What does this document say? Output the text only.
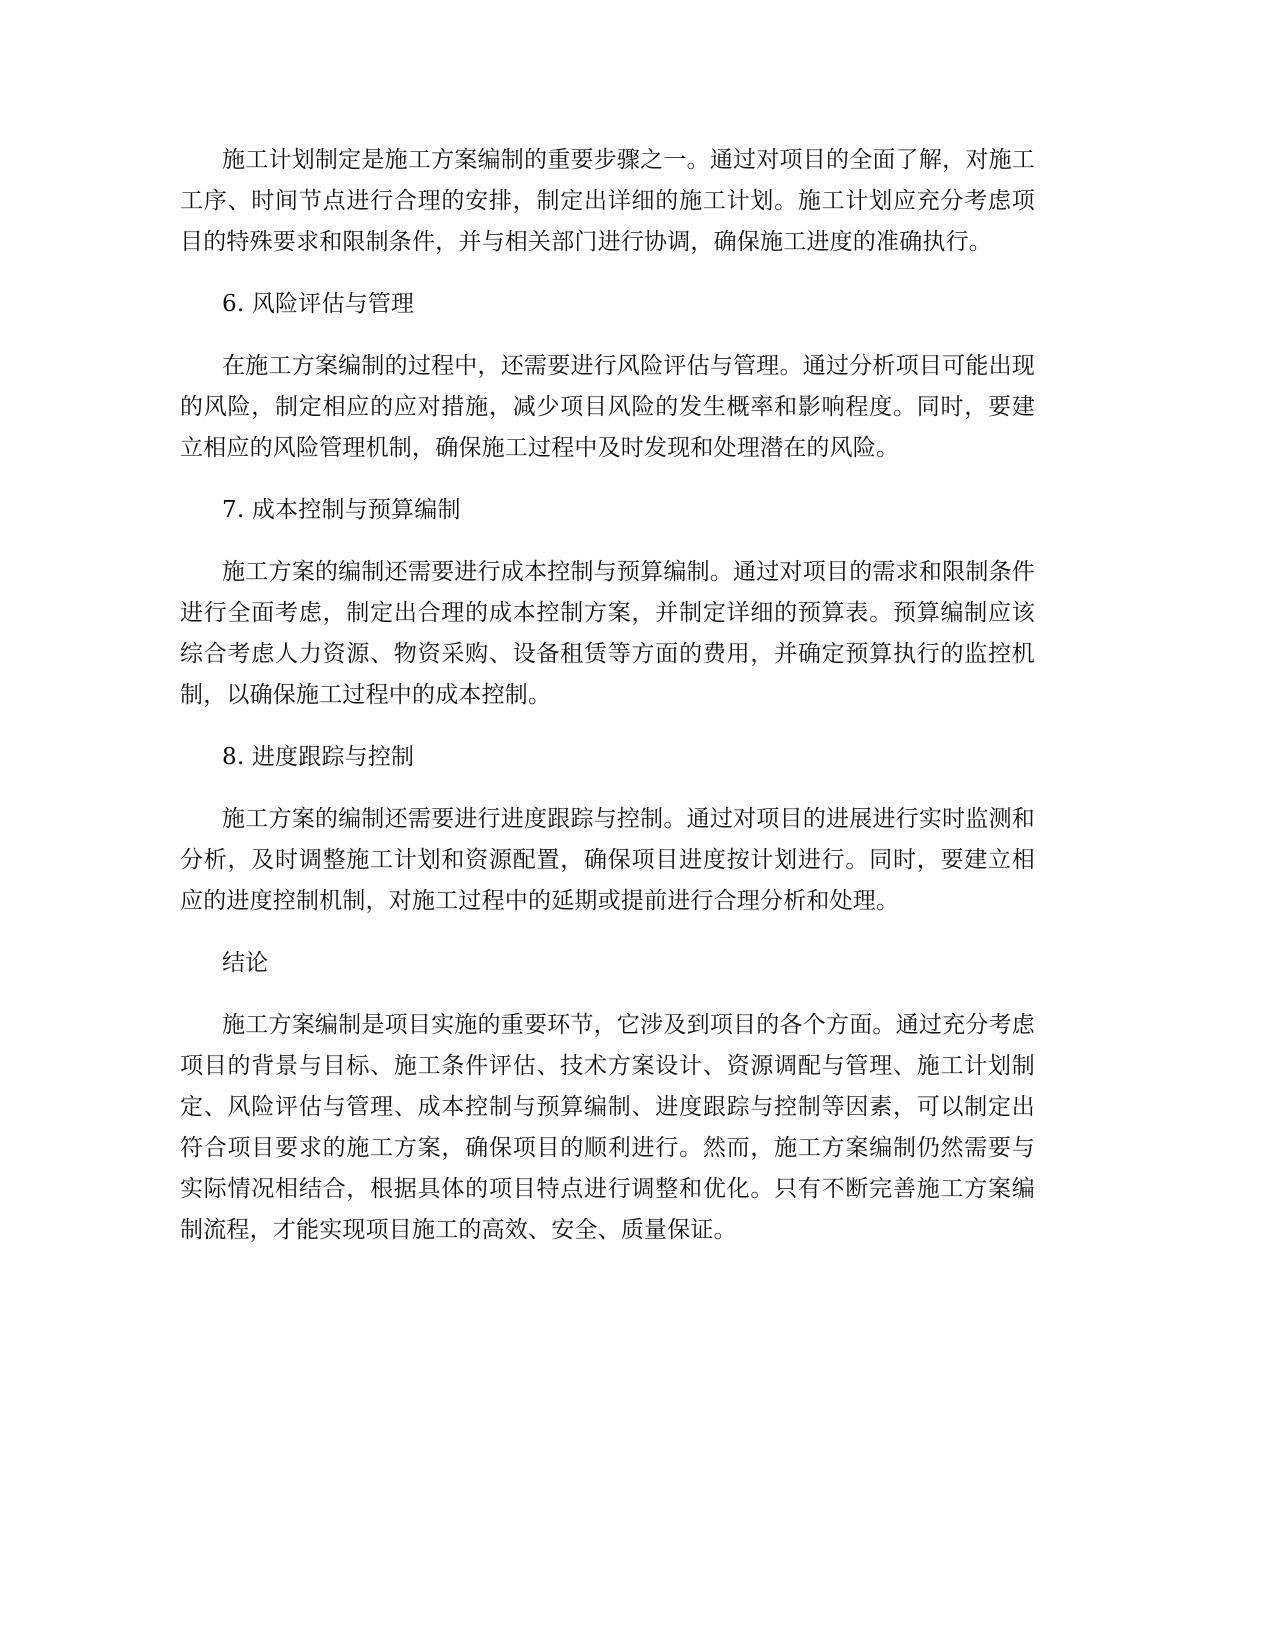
施工计划制定是施工方案编制的重要步骤之一。通过对项目的全面了解，对施工工序、时间节点进行合理的安排，制定出详细的施工计划。施工计划应充分考虑项目的特殊要求和限制条件，并与相关部门进行协调，确保施工进度的准确执行。

6. 风险评估与管理

在施工方案编制的过程中，还需要进行风险评估与管理。通过分析项目可能出现的风险，制定相应的应对措施，减少项目风险的发生概率和影响程度。同时，要建立相应的风险管理机制，确保施工过程中及时发现和处理潜在的风险。

7. 成本控制与预算编制

施工方案的编制还需要进行成本控制与预算编制。通过对项目的需求和限制条件进行全面考虑，制定出合理的成本控制方案，并制定详细的预算表。预算编制应该综合考虑人力资源、物资采购、设备租赁等方面的费用，并确定预算执行的监控机制，以确保施工过程中的成本控制。

8. 进度跟踪与控制

施工方案的编制还需要进行进度跟踪与控制。通过对项目的进展进行实时监测和分析，及时调整施工计划和资源配置，确保项目进度按计划进行。同时，要建立相应的进度控制机制，对施工过程中的延期或提前进行合理分析和处理。

结论

施工方案编制是项目实施的重要环节，它涉及到项目的各个方面。通过充分考虑项目的背景与目标、施工条件评估、技术方案设计、资源调配与管理、施工计划制定、风险评估与管理、成本控制与预算编制、进度跟踪与控制等因素，可以制定出符合项目要求的施工方案，确保项目的顺利进行。然而，施工方案编制仍然需要与实际情况相结合，根据具体的项目特点进行调整和优化。只有不断完善施工方案编制流程，才能实现项目施工的高效、安全、质量保证。
